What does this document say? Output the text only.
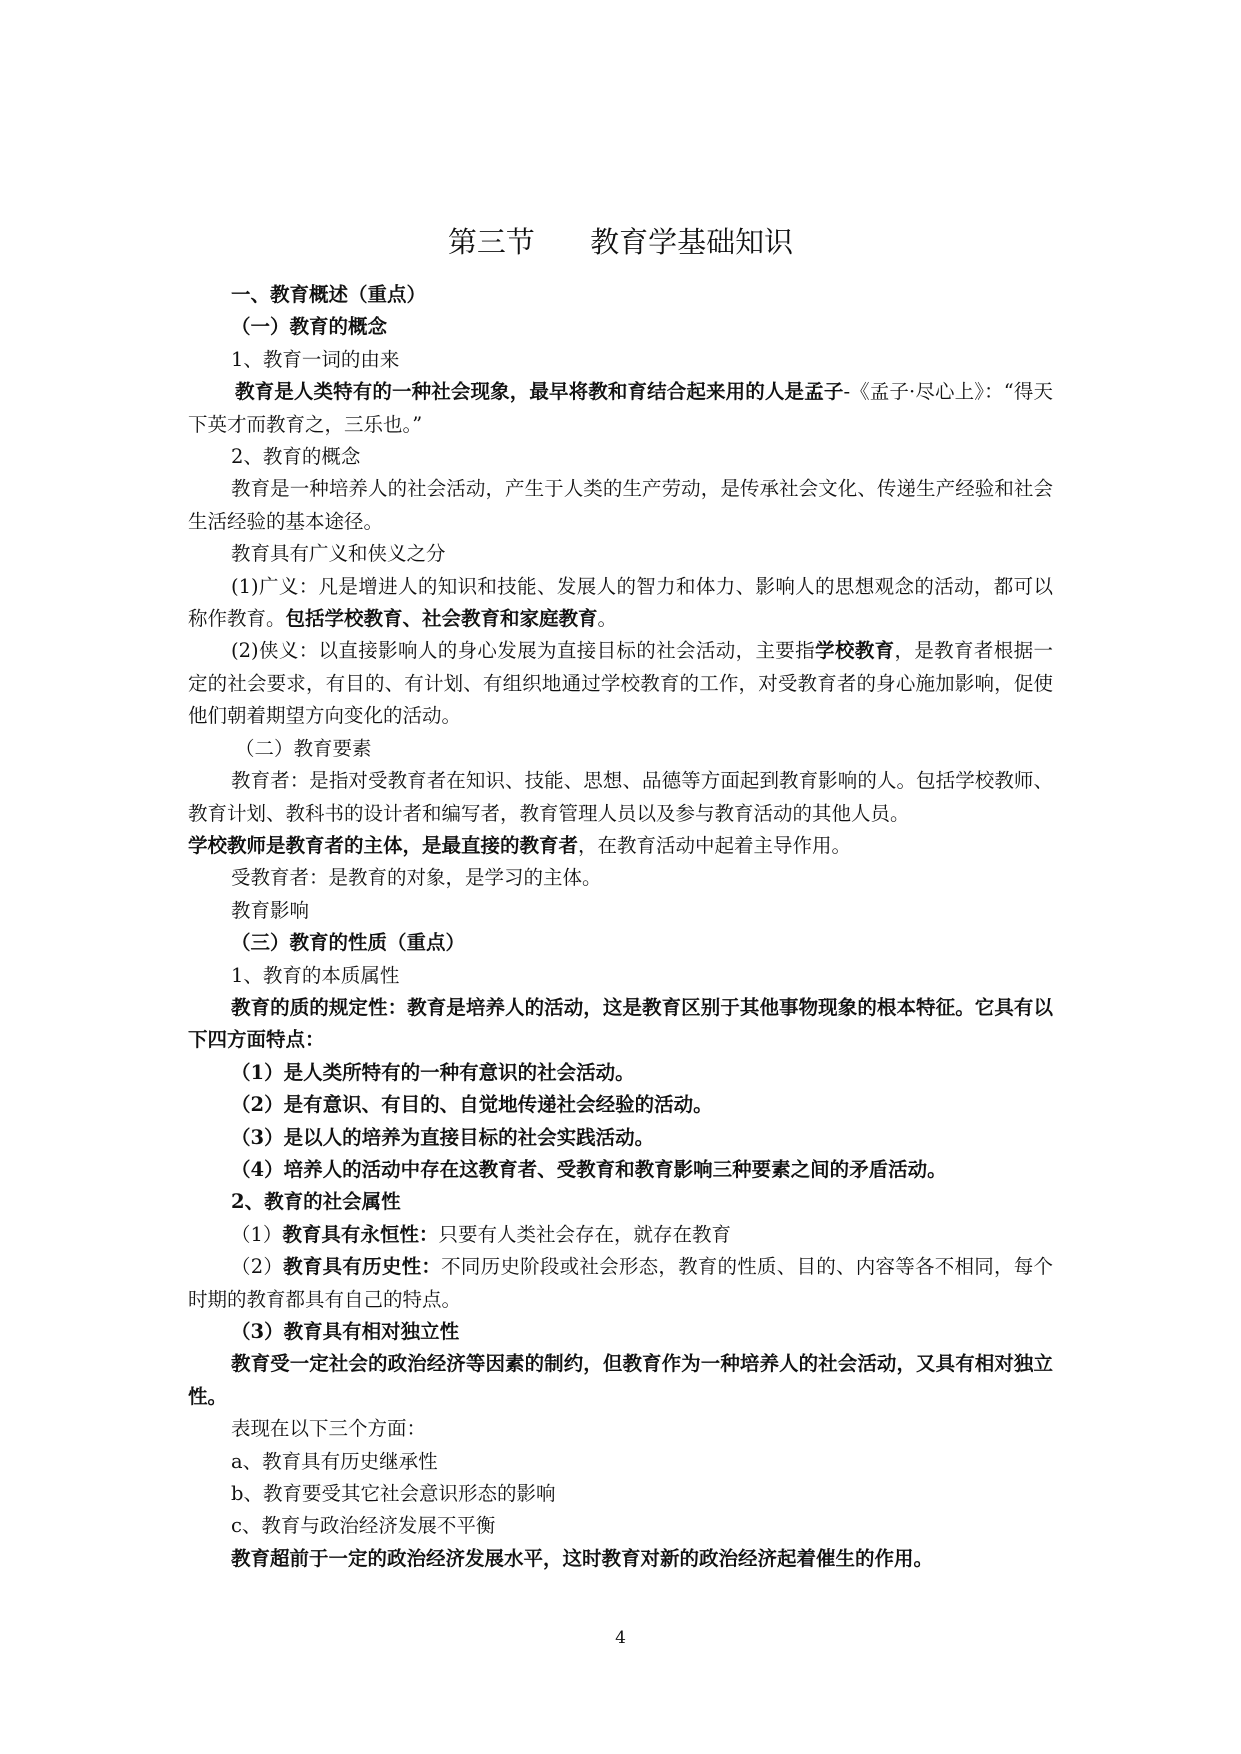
第三节      教育学基础知识

一、教育概述（重点）

（一）教育的概念

1、教育一词的由来

教育是人类特有的一种社会现象，最早将教和育结合起来用的人是孟子-《孟子·尽心上》：“得天下英才而教育之，三乐也。”

2、教育的概念

教育是一种培养人的社会活动，产生于人类的生产劳动，是传承社会文化、传递生产经验和社会生活经验的基本途径。

教育具有广义和侠义之分

(1)广义：凡是增进人的知识和技能、发展人的智力和体力、影响人的思想观念的活动，都可以称作教育。包括学校教育、社会教育和家庭教育。

(2)侠义：以直接影响人的身心发展为直接目标的社会活动，主要指学校教育，是教育者根据一定的社会要求，有目的、有计划、有组织地通过学校教育的工作，对受教育者的身心施加影响，促使他们朝着期望方向变化的活动。

（二）教育要素

教育者：是指对受教育者在知识、技能、思想、品德等方面起到教育影响的人。包括学校教师、教育计划、教科书的设计者和编写者，教育管理人员以及参与教育活动的其他人员。

学校教师是教育者的主体，是最直接的教育者，在教育活动中起着主导作用。

受教育者：是教育的对象，是学习的主体。

教育影响

（三）教育的性质（重点）

1、教育的本质属性

教育的质的规定性：教育是培养人的活动，这是教育区别于其他事物现象的根本特征。它具有以下四方面特点：

（1）是人类所特有的一种有意识的社会活动。

（2）是有意识、有目的、自觉地传递社会经验的活动。

（3）是以人的培养为直接目标的社会实践活动。

（4）培养人的活动中存在这教育者、受教育和教育影响三种要素之间的矛盾活动。

2、教育的社会属性

（1）教育具有永恒性：只要有人类社会存在，就存在教育

（2）教育具有历史性：不同历史阶段或社会形态，教育的性质、目的、内容等各不相同，每个时期的教育都具有自己的特点。

（3）教育具有相对独立性

教育受一定社会的政治经济等因素的制约，但教育作为一种培养人的社会活动，又具有相对独立性。

表现在以下三个方面：

a、教育具有历史继承性

b、教育要受其它社会意识形态的影响

c、教育与政治经济发展不平衡

教育超前于一定的政治经济发展水平，这时教育对新的政治经济起着催生的作用。

4
